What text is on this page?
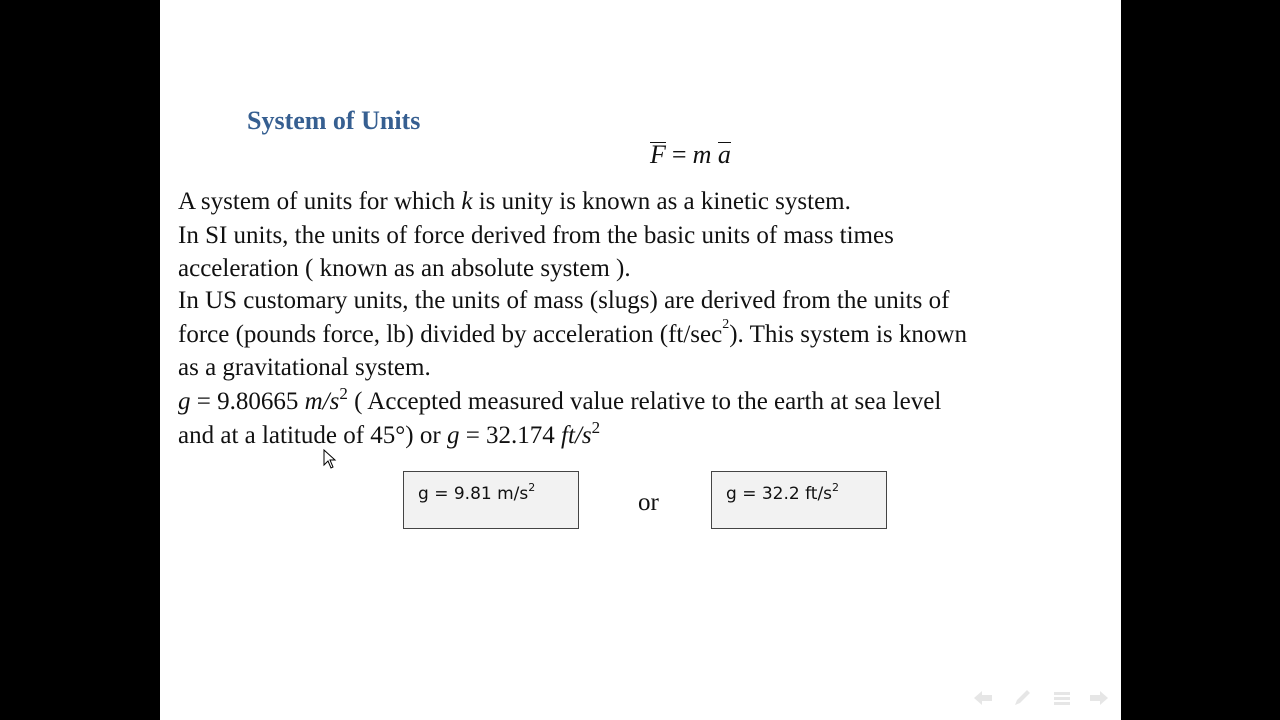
System of Units
F = m a
A system of units for which k is unity is known as a kinetic system.
In SI units, the units of force derived from the basic units of mass times
acceleration ( known as an absolute system ).
In US customary units, the units of mass (slugs) are derived from the units of
force (pounds force, lb) divided by acceleration $(ft/\sec^2)$. This system is known
as a gravitational system.
g = 9.80665 $m/s^2$ ( Accepted measured value relative to the earth at sea level
and at a latitude of 45°) or g = 32.174 $ft/s^2$
g = 9.81 $m/s^2$
or	g = 32.2 $ft/s^2$
